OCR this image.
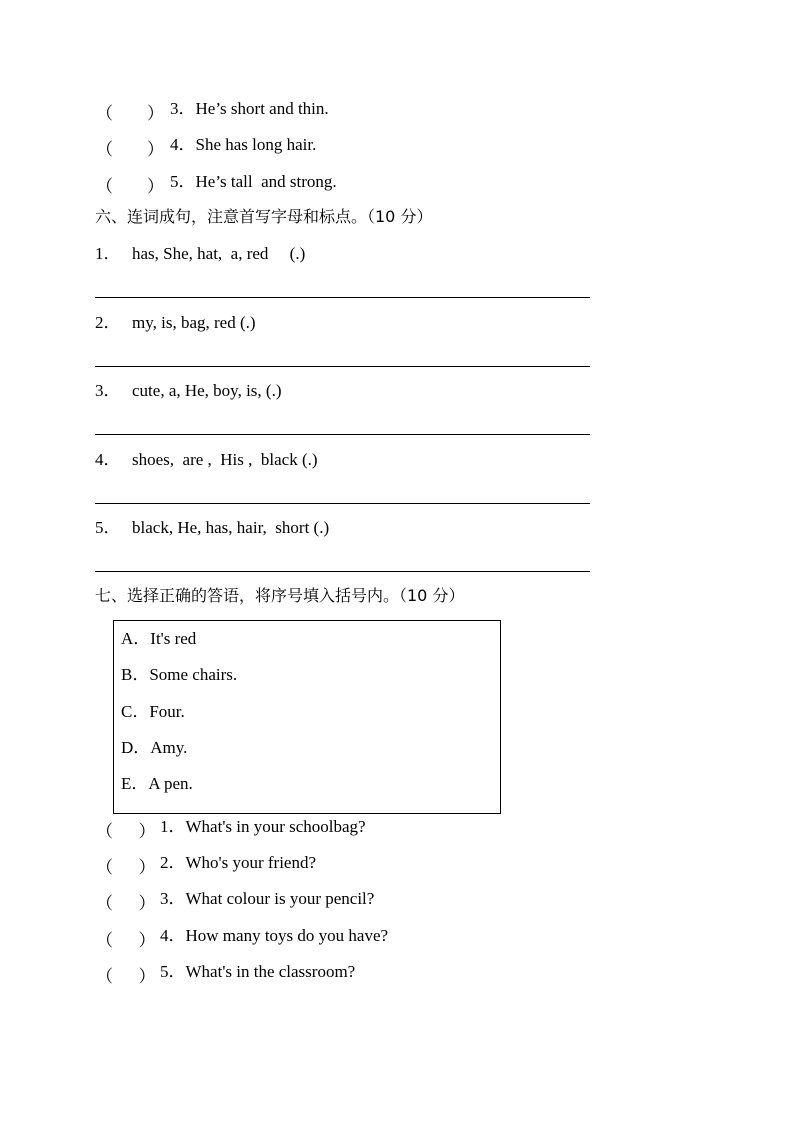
（        ） 3．He’s short and thin.
（        ） 4．She has long hair.
（        ） 5．He’s tall  and strong.
六、连词成句，注意首写字母和标点。（10 分）
1． has, She, hat,  a, red     (.)
2． my, is, bag, red (.)
3． cute, a, He, boy, is, (.)
4． shoes,  are ,  His ,  black (.)
5． black, He, has, hair,  short (.)
七、选择正确的答语，将序号填入括号内。（10 分）
A．It's red
B．Some chairs.
C．Four.
D．Amy.
E．A pen.
（      ） 1．What's in your schoolbag?
（      ） 2．Who's your friend?
（      ） 3．What colour is your pencil?
（      ） 4．How many toys do you have?
（      ） 5．What's in the classroom?
